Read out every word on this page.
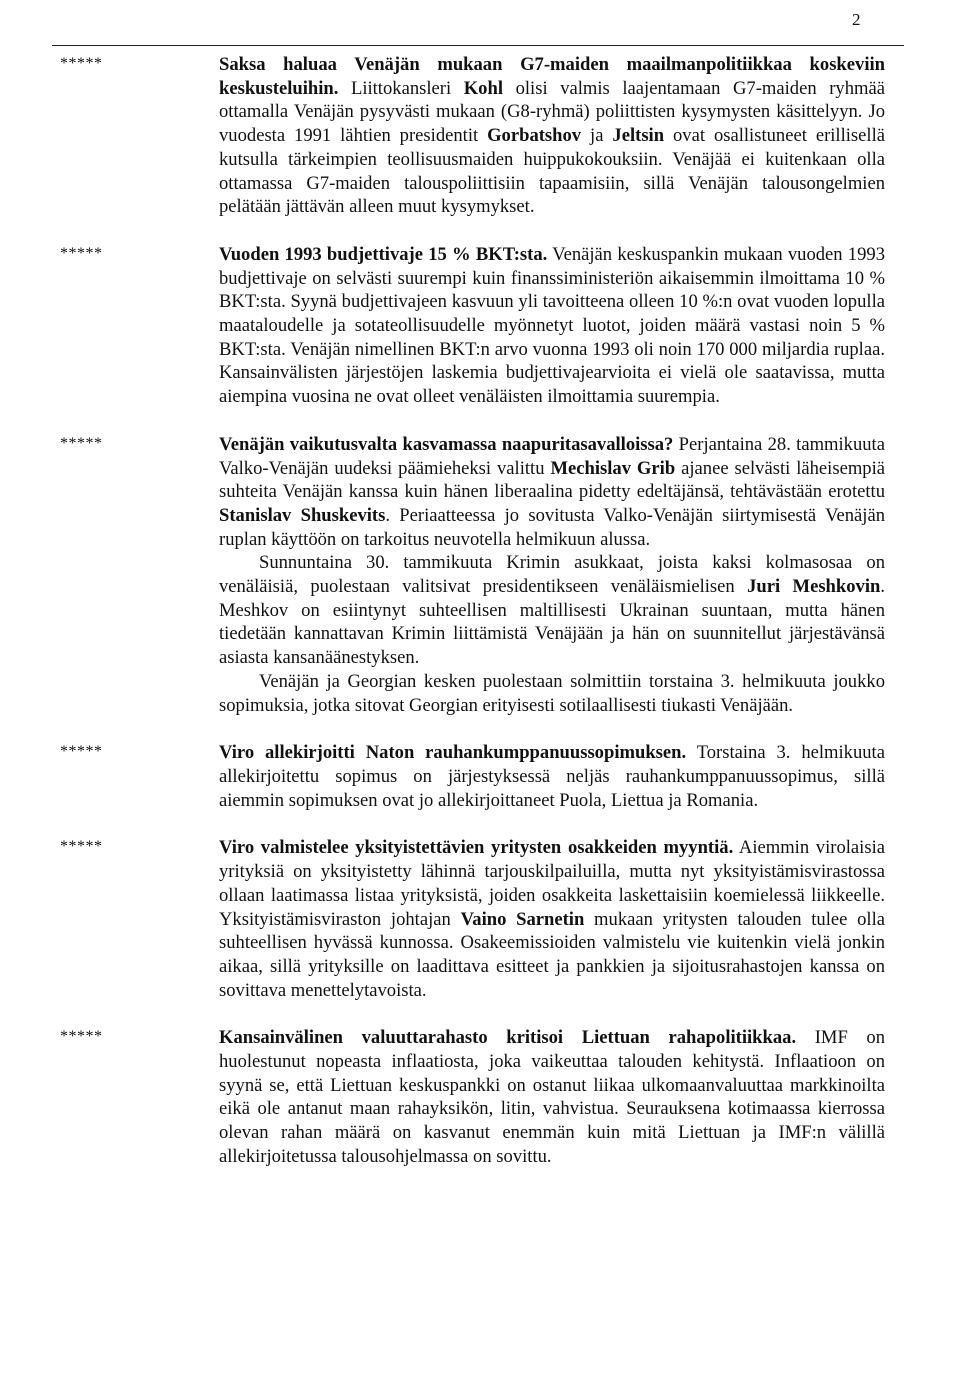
2
*****	Saksa haluaa Venäjän mukaan G7-maiden maailmanpolitiikkaa koskeviin keskusteluihin. Liittokansleri Kohl olisi valmis laajentamaan G7-maiden ryhmää ottamalla Venäjän pysyvästi mukaan (G8-ryhmä) poliittisten kysymysten käsittelyyn. Jo vuodesta 1991 lähtien presidentit Gorbatshov ja Jeltsin ovat osallistuneet erillisellä kutsulla tärkeimpien teollisuusmaiden huippukokouksiin. Venäjää ei kuitenkaan olla ottamassa G7-maiden talouspoliittisiin tapaamisiin, sillä Venäjän talousongelmien pelätään jättävän alleen muut kysymykset.

*****	Vuoden 1993 budjettivaje 15 % BKT:sta. Venäjän keskuspankin mukaan vuoden 1993 budjettivaje on selvästi suurempi kuin finanssiministeriön aikaisemmin ilmoittama 10 % BKT:sta. Syynä budjettivajeen kasvuun yli tavoitteena olleen 10 %:n ovat vuoden lopulla maataloudelle ja sotateollisuudelle myönnetyt luotot, joiden määrä vastasi noin 5 % BKT:sta. Venäjän nimellinen BKT:n arvo vuonna 1993 oli noin 170 000 miljardia ruplaa. Kansainvälisten järjestöjen laskemia budjettivajearvioita ei vielä ole saatavissa, mutta aiempina vuosina ne ovat olleet venäläisten ilmoittamia suurempia.

*****	Venäjän vaikutusvalta kasvamassa naapuritasavalloissa? Perjantaina 28. tammikuuta Valko-Venäjän uudeksi päämieheksi valittu Mechislav Grib ajanee selvästi läheisempiä suhteita Venäjän kanssa kuin hänen liberaalina pidetty edeltäjänsä, tehtävästään erotettu Stanislav Shuskevits. Periaatteessa jo sovitusta Valko-Venäjän siirtymisestä Venäjän ruplan käyttöön on tarkoitus neuvotella helmikuun alussa.

Sunnuntaina 30. tammikuuta Krimin asukkaat, joista kaksi kolmasosaa on venäläisiä, puolestaan valitsivat presidentikseen venäläismielisen Juri Meshkovin. Meshkov on esiintynyt suhteellisen maltillisesti Ukrainan suuntaan, mutta hänen tiedetään kannattavan Krimin liittämistä Venäjään ja hän on suunnitellut järjestävänsä asiasta kansanäänestyksen.

Venäjän ja Georgian kesken puolestaan solmittiin torstaina 3. helmikuuta joukko sopimuksia, jotka sitovat Georgian erityisesti sotilaallisesti tiukasti Venäjään.

*****	Viro allekirjoitti Naton rauhankumppanuussopimuksen. Torstaina 3. helmikuuta allekirjoitettu sopimus on järjestyksessä neljäs rauhankumppanuussopimus, sillä aiemmin sopimuksen ovat jo allekirjoittaneet Puola, Liettua ja Romania.

*****	Viro valmistelee yksityistettävien yritysten osakkeiden myyntiä. Aiemmin virolaisia yrityksiä on yksityistetty lähinnä tarjouskilpailuilla, mutta nyt yksityistämisvirastossa ollaan laatimassa listaa yrityksistä, joiden osakkeita laskettaisiin koemielessä liikkeelle. Yksityistämisviraston johtajan Vaino Sarnetin mukaan yritysten talouden tulee olla suhteellisen hyvässä kunnossa. Osakeemissioiden valmistelu vie kuitenkin vielä jonkin aikaa, sillä yrityksille on laadittava esitteet ja pankkien ja sijoitusrahastojen kanssa on sovittava menettelytavoista.

*****	Kansainvälinen valuuttarahasto kritisoi Liettuan rahapolitiikkaa. IMF on huolestunut nopeasta inflaatiosta, joka vaikeuttaa talouden kehitystä. Inflaatioon on syynä se, että Liettuan keskuspankki on ostanut liikaa ulkomaanvaluuttaa markkinoilta eikä ole antanut maan rahayksikön, litin, vahvistua. Seurauksena kotimaassa kierrossa olevan rahan määrä on kasvanut enemmän kuin mitä Liettuan ja IMF:n välillä allekirjoitetussa talousohjelmassa on sovittu.
